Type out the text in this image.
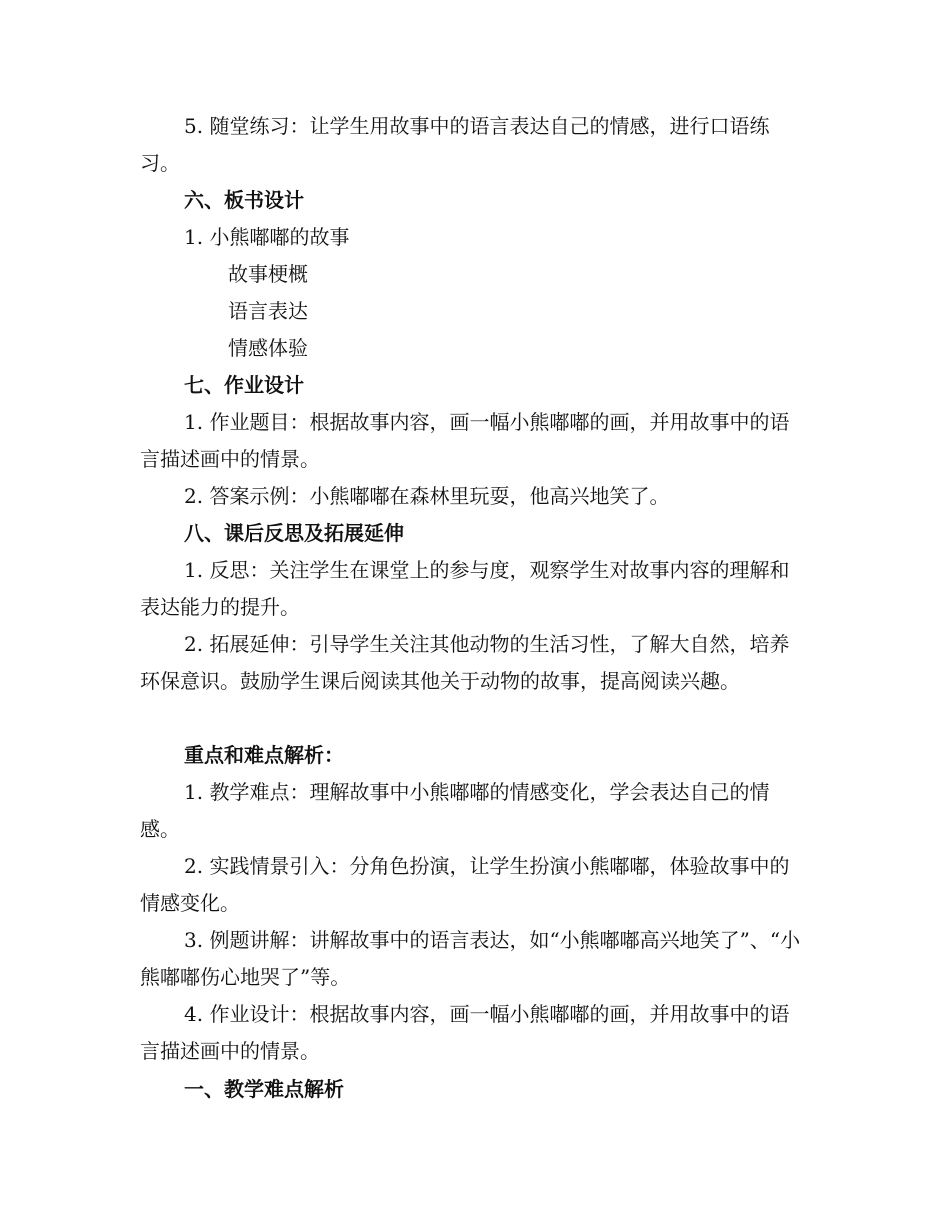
5. 随堂练习：让学生用故事中的语言表达自己的情感，进行口语练习。

六、板书设计

1. 小熊嘟嘟的故事

故事梗概

语言表达

情感体验

七、作业设计

1. 作业题目：根据故事内容，画一幅小熊嘟嘟的画，并用故事中的语言描述画中的情景。

2. 答案示例：小熊嘟嘟在森林里玩耍，他高兴地笑了。

八、课后反思及拓展延伸

1. 反思：关注学生在课堂上的参与度，观察学生对故事内容的理解和表达能力的提升。

2. 拓展延伸：引导学生关注其他动物的生活习性，了解大自然，培养环保意识。鼓励学生课后阅读其他关于动物的故事，提高阅读兴趣。

重点和难点解析：

1. 教学难点：理解故事中小熊嘟嘟的情感变化，学会表达自己的情感。

2. 实践情景引入：分角色扮演，让学生扮演小熊嘟嘟，体验故事中的情感变化。

3. 例题讲解：讲解故事中的语言表达，如“小熊嘟嘟高兴地笑了”、“小熊嘟嘟伤心地哭了”等。

4. 作业设计：根据故事内容，画一幅小熊嘟嘟的画，并用故事中的语言描述画中的情景。

一、教学难点解析
